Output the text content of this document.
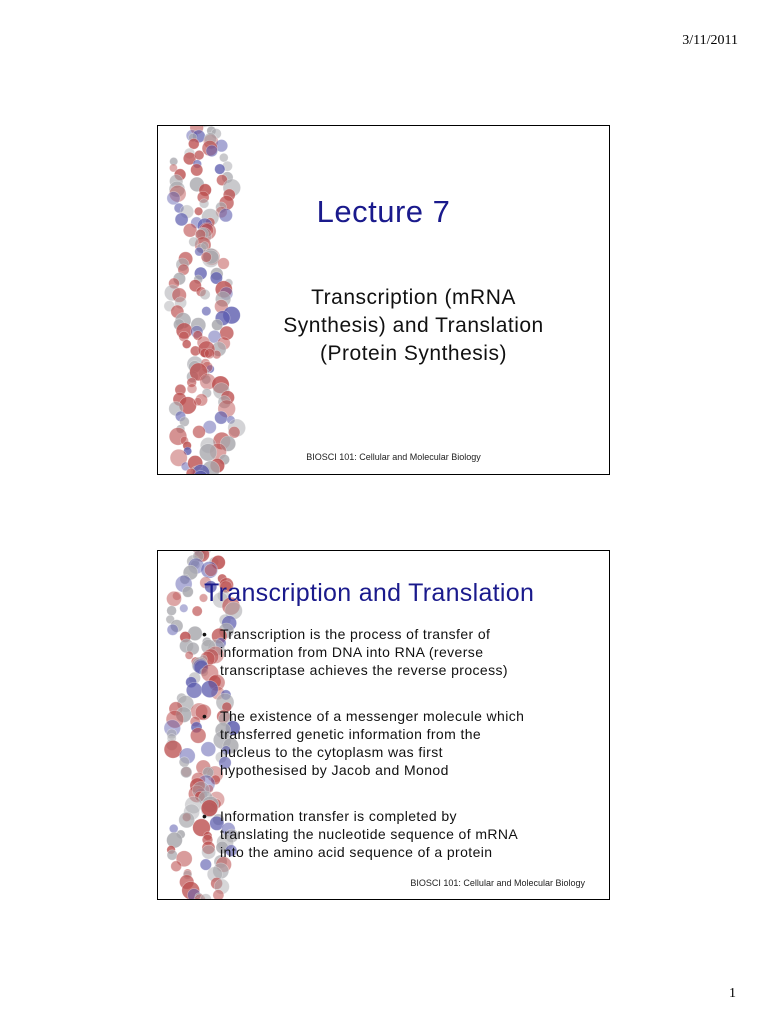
3/11/2011
Lecture 7
Transcription (mRNA
Synthesis) and Translation
(Protein Synthesis)
BIOSCI 101: Cellular and Molecular Biology
Transcription and Translation
• Transcription is the process of transfer of
information from DNA into RNA (reverse
transcriptase achieves the reverse process)
• The existence of a messenger molecule which
transferred genetic information from the
nucleus to the cytoplasm was first
hypothesised by Jacob and Monod
• Information transfer is completed by
translating the nucleotide sequence of mRNA
into the amino acid sequence of a protein
BIOSCI 101: Cellular and Molecular Biology
1
